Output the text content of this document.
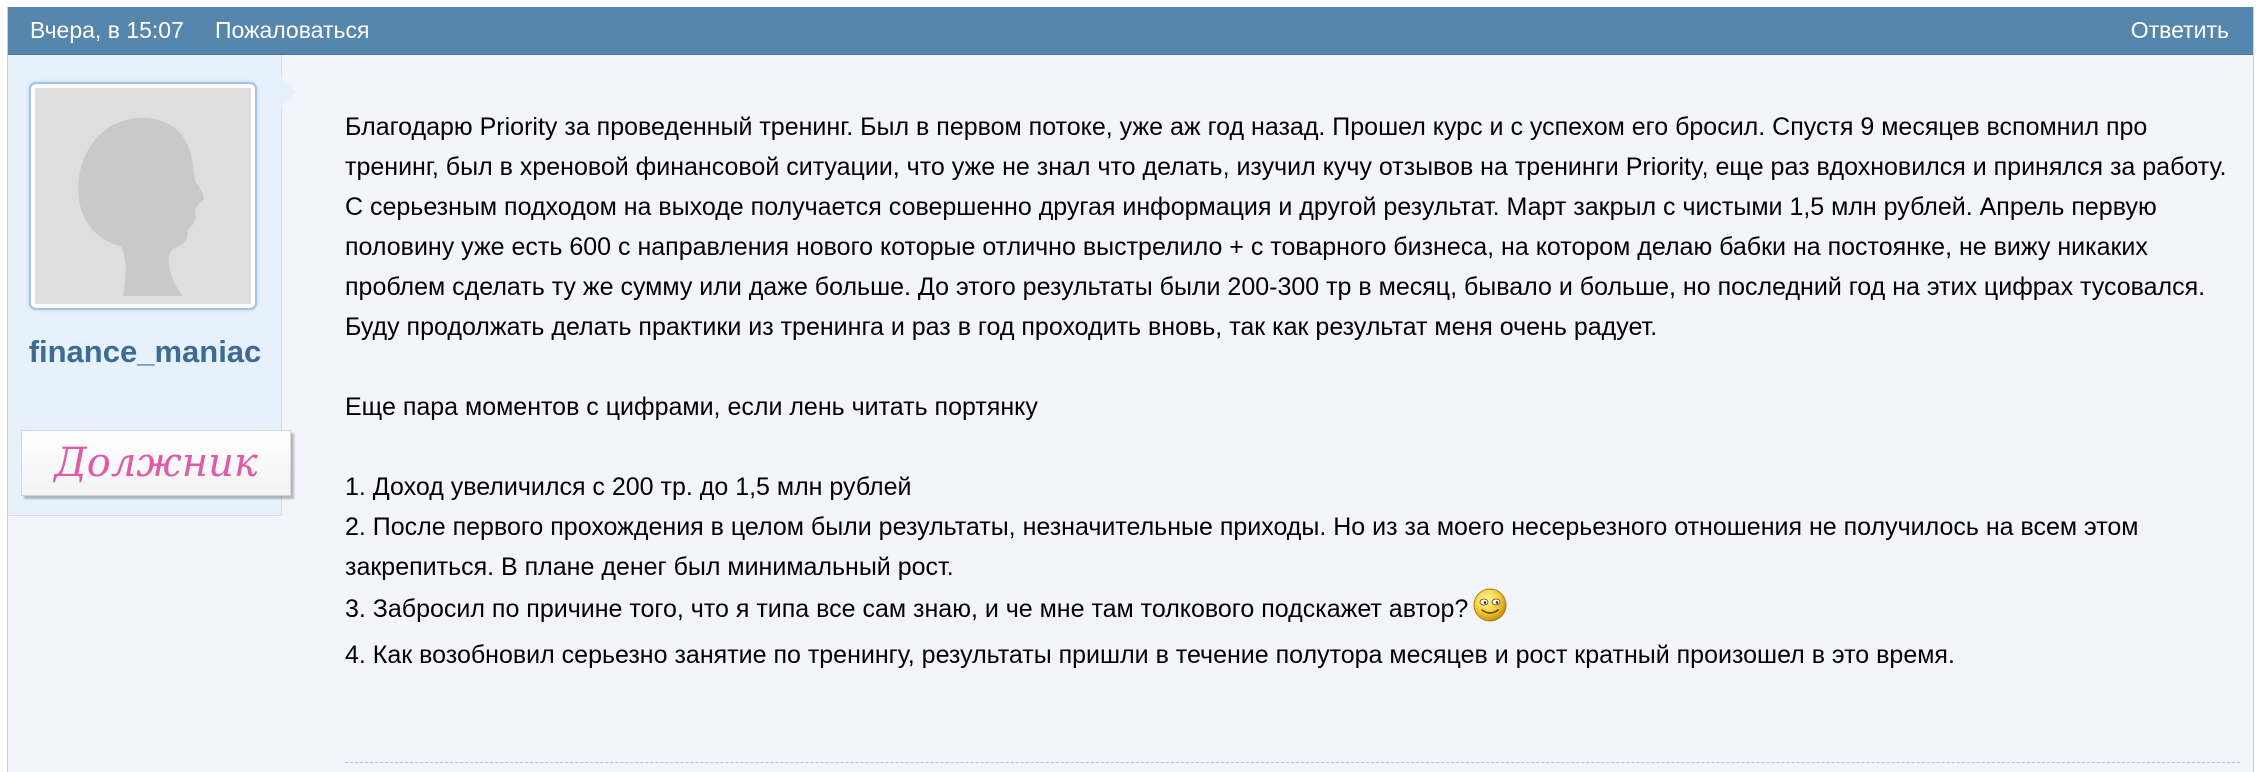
Вчера, в 15:07 Пожаловаться	Ответить
finance_maniac
Должник

Благодарю Priority за проведенный тренинг. Был в первом потоке, уже аж год назад. Прошел курс и с успехом его бросил. Спустя 9 месяцев вспомнил про тренинг, был в хреновой финансовой ситуации, что уже не знал что делать, изучил кучу отзывов на тренинги Priority, еще раз вдохновился и принялся за работу. С серьезным подходом на выходе получается совершенно другая информация и другой результат. Март закрыл с чистыми 1,5 млн рублей. Апрель первую половину уже есть 600 с направления нового которые отлично выстрелило + с товарного бизнеса, на котором делаю бабки на постоянке, не вижу никаких проблем сделать ту же сумму или даже больше. До этого результаты были 200-300 тр в месяц, бывало и больше, но последний год на этих цифрах тусовался. Буду продолжать делать практики из тренинга и раз в год проходить вновь, так как результат меня очень радует.

Еще пара моментов с цифрами, если лень читать портянку

1. Доход увеличился с 200 тр. до 1,5 млн рублей

2. После первого прохождения в целом были результаты, незначительные приходы. Но из за моего несерьезного отношения не получилось на всем этом закрепиться. В плане денег был минимальный рост.

3. Забросил по причине того, что я типа все сам знаю, и че мне там толкового подскажет автор?

4. Как возобновил серьезно занятие по тренингу, результаты пришли в течение полутора месяцев и рост кратный произошел в это время.
